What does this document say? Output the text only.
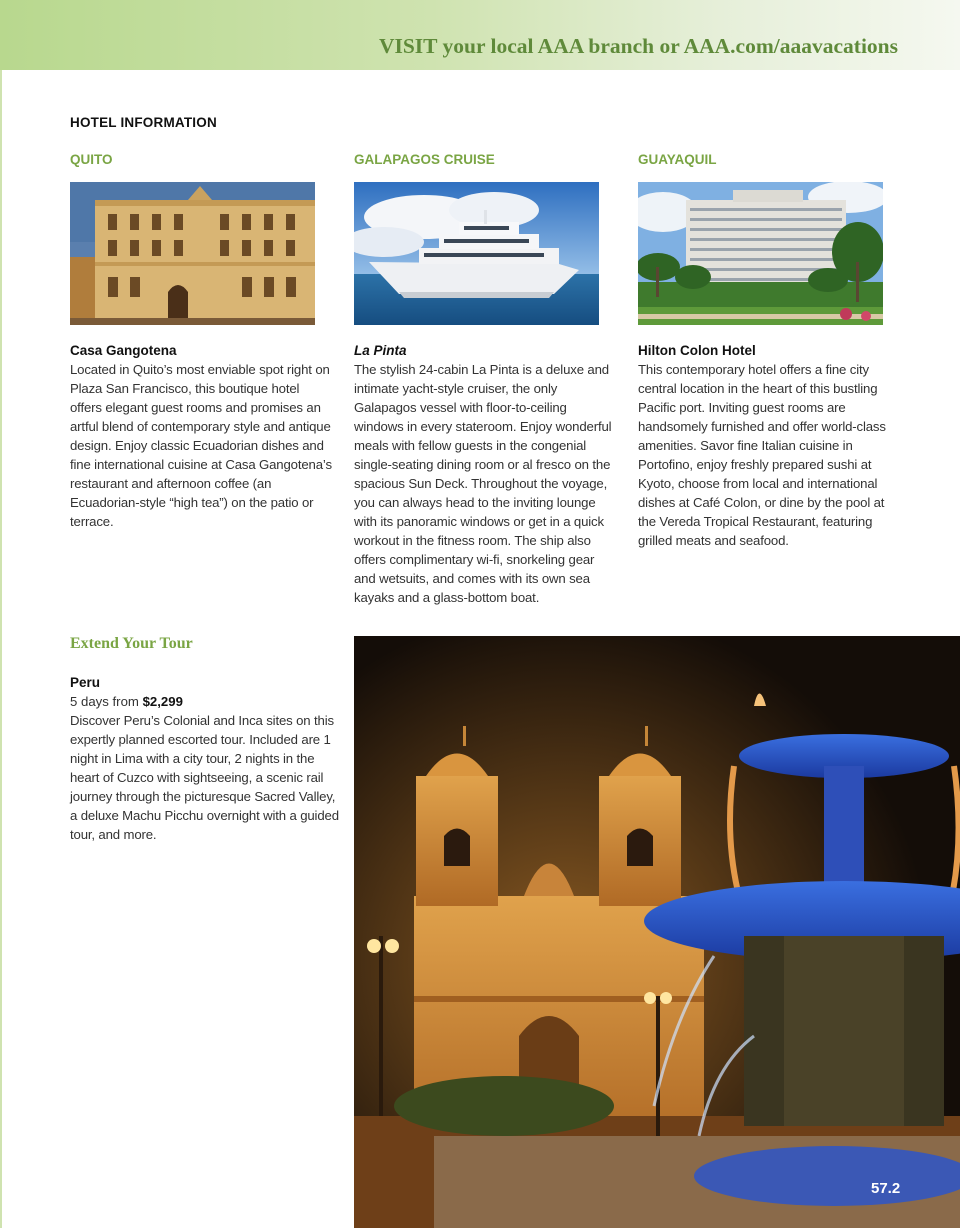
VISIT your local AAA branch or AAA.com/aaavacations
HOTEL INFORMATION
QUITO
Casa Gangotena
Located in Quito’s most enviable spot right on Plaza San Francisco, this boutique hotel offers elegant guest rooms and promises an artful blend of contemporary style and antique design. Enjoy classic Ecuadorian dishes and fine international cuisine at Casa Gangotena’s restaurant and afternoon coffee (an Ecuadorian-style “high tea”) on the patio or terrace.
GALAPAGOS CRUISE
La Pinta
The stylish 24-cabin La Pinta is a deluxe and intimate yacht-style cruiser, the only Galapagos vessel with floor-to-ceiling windows in every stateroom. Enjoy wonderful meals with fellow guests in the congenial single-seating dining room or al fresco on the spacious Sun Deck. Throughout the voyage, you can always head to the inviting lounge with its panoramic windows or get in a quick workout in the fitness room. The ship also offers complimentary wi-fi, snorkeling gear and wetsuits, and comes with its own sea kayaks and a glass-bottom boat.
GUAYAQUIL
Hilton Colon Hotel
This contemporary hotel offers a fine city central location in the heart of this bustling Pacific port. Inviting guest rooms are handsomely furnished and offer world-class amenities. Savor fine Italian cuisine in Portofino, enjoy freshly prepared sushi at Kyoto, choose from local and international dishes at Café Colon, or dine by the pool at the Vereda Tropical Restaurant, featuring grilled meats and seafood.
Extend Your Tour
Peru
5 days from $2,299
Discover Peru’s Colonial and Inca sites on this expertly planned escorted tour. Included are 1 night in Lima with a city tour, 2 nights in the heart of Cuzco with sightseeing, a scenic rail journey through the picturesque Sacred Valley, a deluxe Machu Picchu overnight with a guided tour, and more.
57.2
